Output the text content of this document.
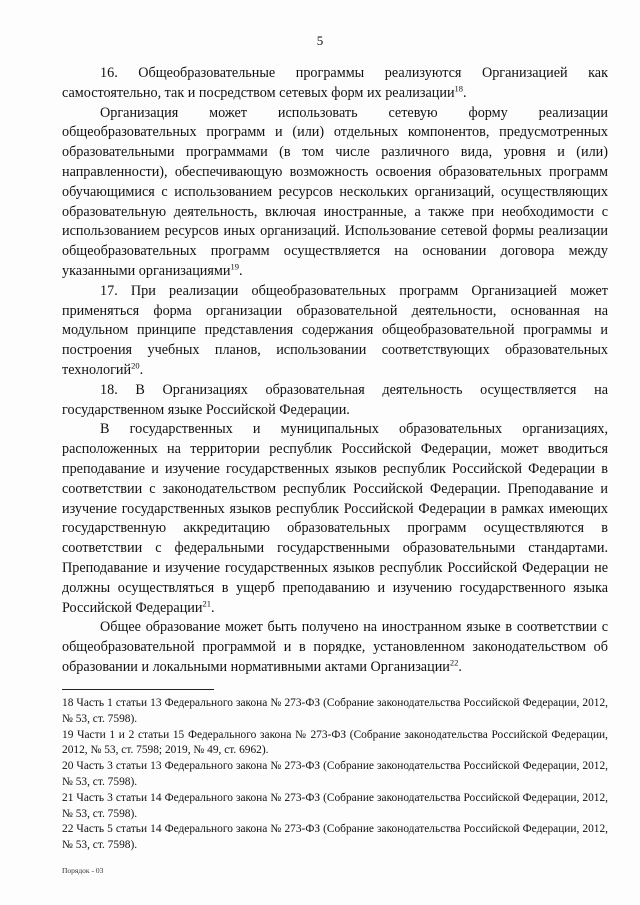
5

16. Общеобразовательные программы реализуются Организацией как самостоятельно, так и посредством сетевых форм их реализации$^{18}$.

Организация может использовать сетевую форму реализации общеобразовательных программ и (или) отдельных компонентов, предусмотренных образовательными программами (в том числе различного вида, уровня и (или) направленности), обеспечивающую возможность освоения образовательных программ обучающимися с использованием ресурсов нескольких организаций, осуществляющих образовательную деятельность, включая иностранные, а также при необходимости с использованием ресурсов иных организаций. Использование сетевой формы реализации общеобразовательных программ осуществляется на основании договора между указанными организациями$^{19}$.

17. При реализации общеобразовательных программ Организацией может применяться форма организации образовательной деятельности, основанная на модульном принципе представления содержания общеобразовательной программы и построения учебных планов, использовании соответствующих образовательных технологий$^{20}$.

18. В Организациях образовательная деятельность осуществляется на государственном языке Российской Федерации.

В государственных и муниципальных образовательных организациях, расположенных на территории республик Российской Федерации, может вводиться преподавание и изучение государственных языков республик Российской Федерации в соответствии с законодательством республик Российской Федерации. Преподавание и изучение государственных языков республик Российской Федерации в рамках имеющих государственную аккредитацию образовательных программ осуществляются в соответствии с федеральными государственными образовательными стандартами. Преподавание и изучение государственных языков республик Российской Федерации не должны осуществляться в ущерб преподаванию и изучению государственного языка Российской Федерации$^{21}$.

Общее образование может быть получено на иностранном языке в соответствии с общеобразовательной программой и в порядке, установленном законодательством об образовании и локальными нормативными актами Организации$^{22}$.

18 Часть 1 статьи 13 Федерального закона № 273-ФЗ (Собрание законодательства Российской Федерации, 2012, № 53, ст. 7598).

19 Части 1 и 2 статьи 15 Федерального закона № 273-ФЗ (Собрание законодательства Российской Федерации, 2012, № 53, ст. 7598; 2019, № 49, ст. 6962).

20 Часть 3 статьи 13 Федерального закона № 273-ФЗ (Собрание законодательства Российской Федерации, 2012, № 53, ст. 7598).

21 Часть 3 статьи 14 Федерального закона № 273-ФЗ (Собрание законодательства Российской Федерации, 2012, № 53, ст. 7598).

22 Часть 5 статьи 14 Федерального закона № 273-ФЗ (Собрание законодательства Российской Федерации, 2012, № 53, ст. 7598).

Порядок - 03
